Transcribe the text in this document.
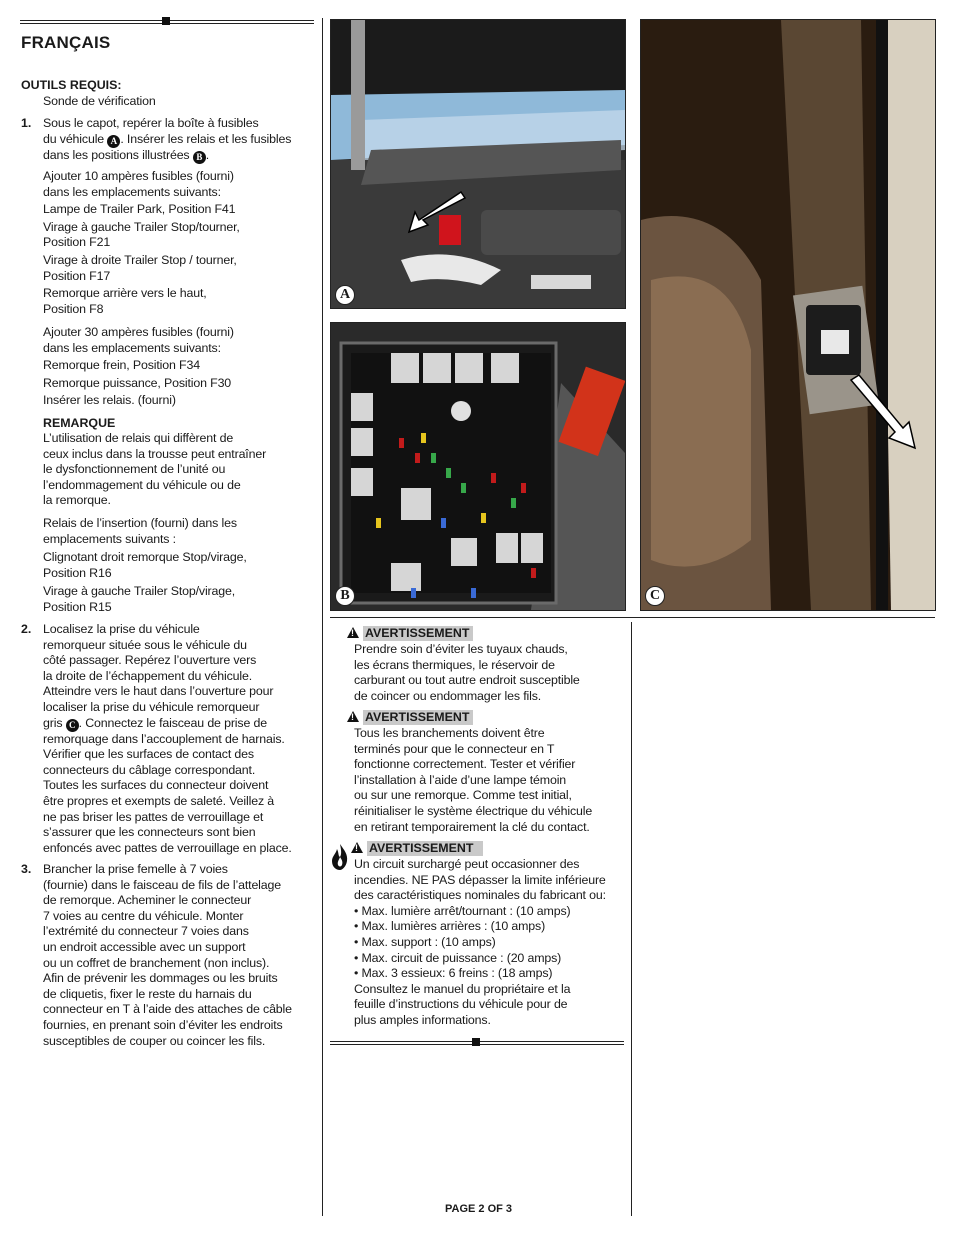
FRANÇAIS
OUTILS REQUIS:
Sonde de vérification
1. Sous le capot, repérer la boîte à fusibles
du véhicule A . Insérer les relais et les fusibles
dans les positions illustrées B .
Ajouter 10 ampères fusibles (fourni)
dans les emplacements suivants:
Lampe de Trailer Park, Position F41
Virage à gauche Trailer Stop/tourner,
Position F21
Virage à droite Trailer Stop / tourner,
Position F17
Remorque arrière vers le haut,
Position F8
Ajouter 30 ampères fusibles (fourni)
dans les emplacements suivants:
Remorque frein, Position F34
Remorque puissance, Position F30
Insérer les relais. (fourni)
REMARQUE
L’utilisation de relais qui diffèrent de
ceux inclus dans la trousse peut entraîner
le dysfonctionnement de l’unité ou
l’endommagement du véhicule ou de
la remorque.
Relais de l’insertion (fourni) dans les
emplacements suivants :
Clignotant droit remorque Stop/virage,
Position R16
Virage à gauche Trailer Stop/virage,
Position R15
2. Localisez la prise du véhicule
remorqueur située sous le véhicule du
côté passager. Repérez l’ouverture vers
la droite de l’échappement du véhicule.
Atteindre vers le haut dans l’ouverture pour
localiser la prise du véhicule remorqueur
gris C . Connectez le faisceau de prise de
remorquage dans l’accouplement de harnais.
Vérifier que les surfaces de contact des
connecteurs du câblage correspondant.
Toutes les surfaces du connecteur doivent
être propres et exempts de saleté. Veillez à
ne pas briser les pattes de verrouillage et
s’assurer que les connecteurs sont bien
enfoncés avec pattes de verrouillage en place.
3. Brancher la prise femelle à 7 voies
(fournie) dans le faisceau de fils de l’attelage
de remorque. Acheminer le connecteur
7 voies au centre du véhicule. Monter
l’extrémité du connecteur 7 voies dans
un endroit accessible avec un support
ou un coffret de branchement (non inclus).
Afin de prévenir les dommages ou les bruits
de cliquetis, fixer le reste du harnais du
connecteur en T à l’aide des attaches de câble
fournies, en prenant soin d’éviter les endroits
susceptibles de couper ou coincer les fils.
A
B	C
!AVERTISSEMENT
Prendre soin d’éviter les tuyaux chauds,
les écrans thermiques, le réservoir de
carburant ou tout autre endroit susceptible
de coincer ou endommager les fils.
!AVERTISSEMENT
Tous les branchements doivent être
terminés pour que le connecteur en T
fonctionne correctement. Tester et vérifier
l’installation à l’aide d’une lampe témoin
ou sur une remorque. Comme test initial,
réinitialiser le système électrique du véhicule
en retirant temporairement la clé du contact.
!AVERTISSEMENT
Un circuit surchargé peut occasionner des
incendies. NE PAS dépasser la limite inférieure
des caractéristiques nominales du fabricant ou:
• Max. lumière arrêt/tournant : (10 amps)
• Max. lumières arrières : (10 amps)
• Max. support : (10 amps)
• Max. circuit de puissance : (20 amps)
• Max. 3 essieux: 6 freins : (18 amps)
Consultez le manuel du propriétaire et la
feuille d’instructions du véhicule pour de
plus amples informations.
PAGE 2 OF 3
